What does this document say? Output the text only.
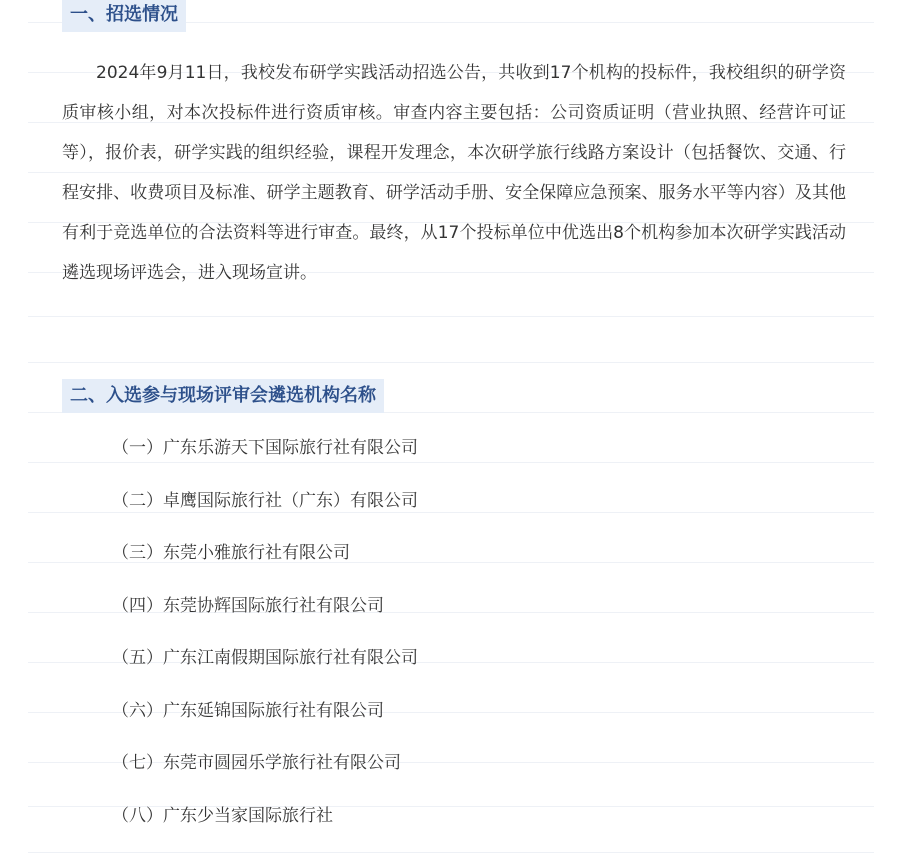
一、招选情况

2024年9月11日，我校发布研学实践活动招选公告，共收到17个机构的投标件，我校组织的研学资质审核小组，对本次投标件进行资质审核。审查内容主要包括：公司资质证明（营业执照、经营许可证等），报价表，研学实践的组织经验，课程开发理念，本次研学旅行线路方案设计（包括餐饮、交通、行程安排、收费项目及标准、研学主题教育、研学活动手册、安全保障应急预案、服务水平等内容）及其他有利于竞选单位的合法资料等进行审查。最终，从17个投标单位中优选出8个机构参加本次研学实践活动遴选现场评选会，进入现场宣讲。

二、入选参与现场评审会遴选机构名称
（一）广东乐游天下国际旅行社有限公司
（二）卓鹰国际旅行社（广东）有限公司
（三）东莞小雅旅行社有限公司
（四）东莞协辉国际旅行社有限公司
（五）广东江南假期国际旅行社有限公司
（六）广东延锦国际旅行社有限公司
（七）东莞市圆园乐学旅行社有限公司
（八）广东少当家国际旅行社
